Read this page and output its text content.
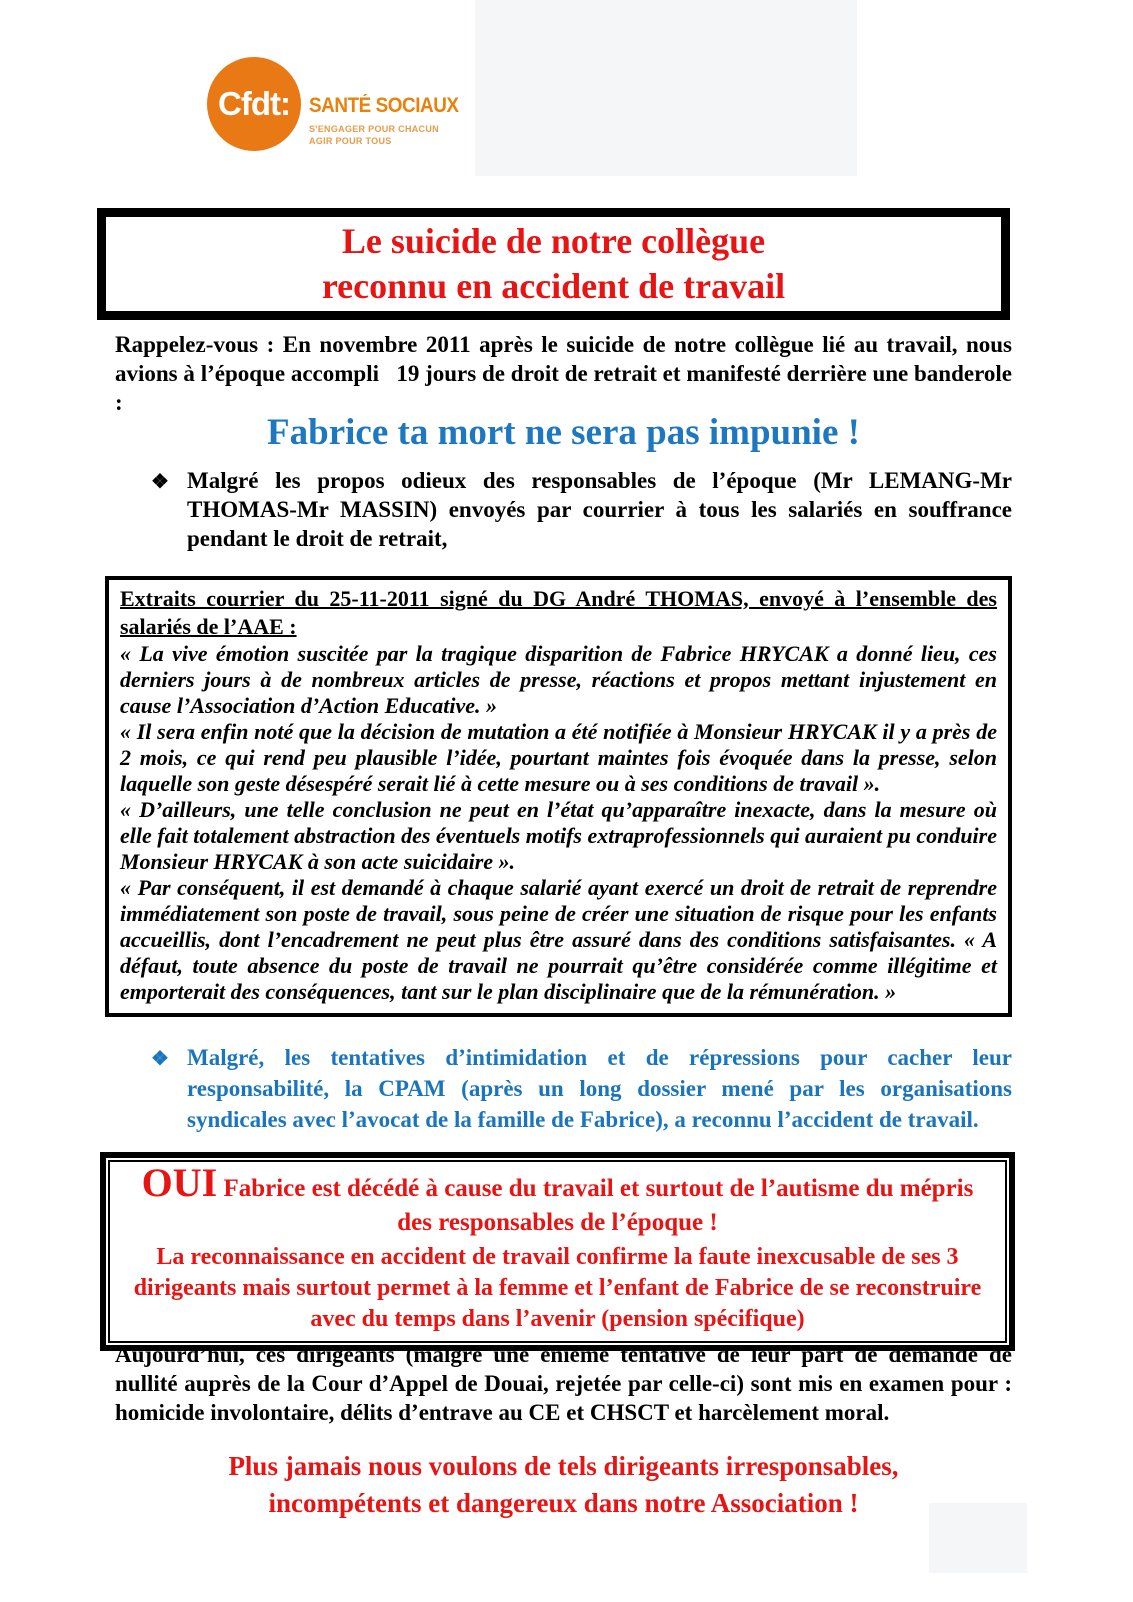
Cfdt: SANTÉ SOCIAUX
S'ENGAGER POUR CHACUN
AGIR POUR TOUS
Le suicide de notre collègue
reconnu en accident de travail
Rappelez-vous : En novembre 2011 après le suicide de notre collègue lié au travail, nous avions à l’époque accompli   19 jours de droit de retrait et manifesté derrière une banderole :
Fabrice ta mort ne sera pas impunie !
❖ Malgré les propos odieux des responsables de l’époque (Mr LEMANG-Mr THOMAS-Mr MASSIN) envoyés par courrier à tous les salariés en souffrance pendant le droit de retrait,
Extraits courrier du 25-11-2011 signé du DG André THOMAS, envoyé à l’ensemble des salariés de l’AAE :
« La vive émotion suscitée par la tragique disparition de Fabrice HRYCAK a donné lieu, ces derniers jours à de nombreux articles de presse, réactions et propos mettant injustement en cause l’Association d’Action Educative. »
« Il sera enfin noté que la décision de mutation a été notifiée à Monsieur HRYCAK il y a près de 2 mois, ce qui rend peu plausible l’idée, pourtant maintes fois évoquée dans la presse, selon laquelle son geste désespéré serait lié à cette mesure ou à ses conditions de travail ».
« D’ailleurs, une telle conclusion ne peut en l’état qu’apparaître inexacte, dans la mesure où elle fait totalement abstraction des éventuels motifs extraprofessionnels qui auraient pu conduire Monsieur HRYCAK à son acte suicidaire ».
« Par conséquent, il est demandé à chaque salarié ayant exercé un droit de retrait de reprendre immédiatement son poste de travail, sous peine de créer une situation de risque pour les enfants accueillis, dont l’encadrement ne peut plus être assuré dans des conditions satisfaisantes. « A défaut, toute absence du poste de travail ne pourrait qu’être considérée comme illégitime et emporterait des conséquences, tant sur le plan disciplinaire que de la rémunération. »
❖ Malgré, les tentatives d’intimidation et de répressions pour cacher leur responsabilité, la CPAM (après un long dossier mené par les organisations syndicales avec l’avocat de la famille de Fabrice), a reconnu l’accident de travail.
OUI Fabrice est décédé à cause du travail et surtout de l’autisme du mépris des responsables de l’époque !
La reconnaissance en accident de travail confirme la faute inexcusable de ses 3 dirigeants mais surtout permet à la femme et l’enfant de Fabrice de se reconstruire avec du temps dans l’avenir (pension spécifique)
Aujourd’hui, ces dirigeants (malgré une énième tentative de leur part de demande de nullité auprès de la Cour d’Appel de Douai, rejetée par celle-ci) sont mis en examen pour : homicide involontaire, délits d’entrave au CE et CHSCT et harcèlement moral.
Plus jamais nous voulons de tels dirigeants irresponsables,
incompétents et dangereux dans notre Association !
